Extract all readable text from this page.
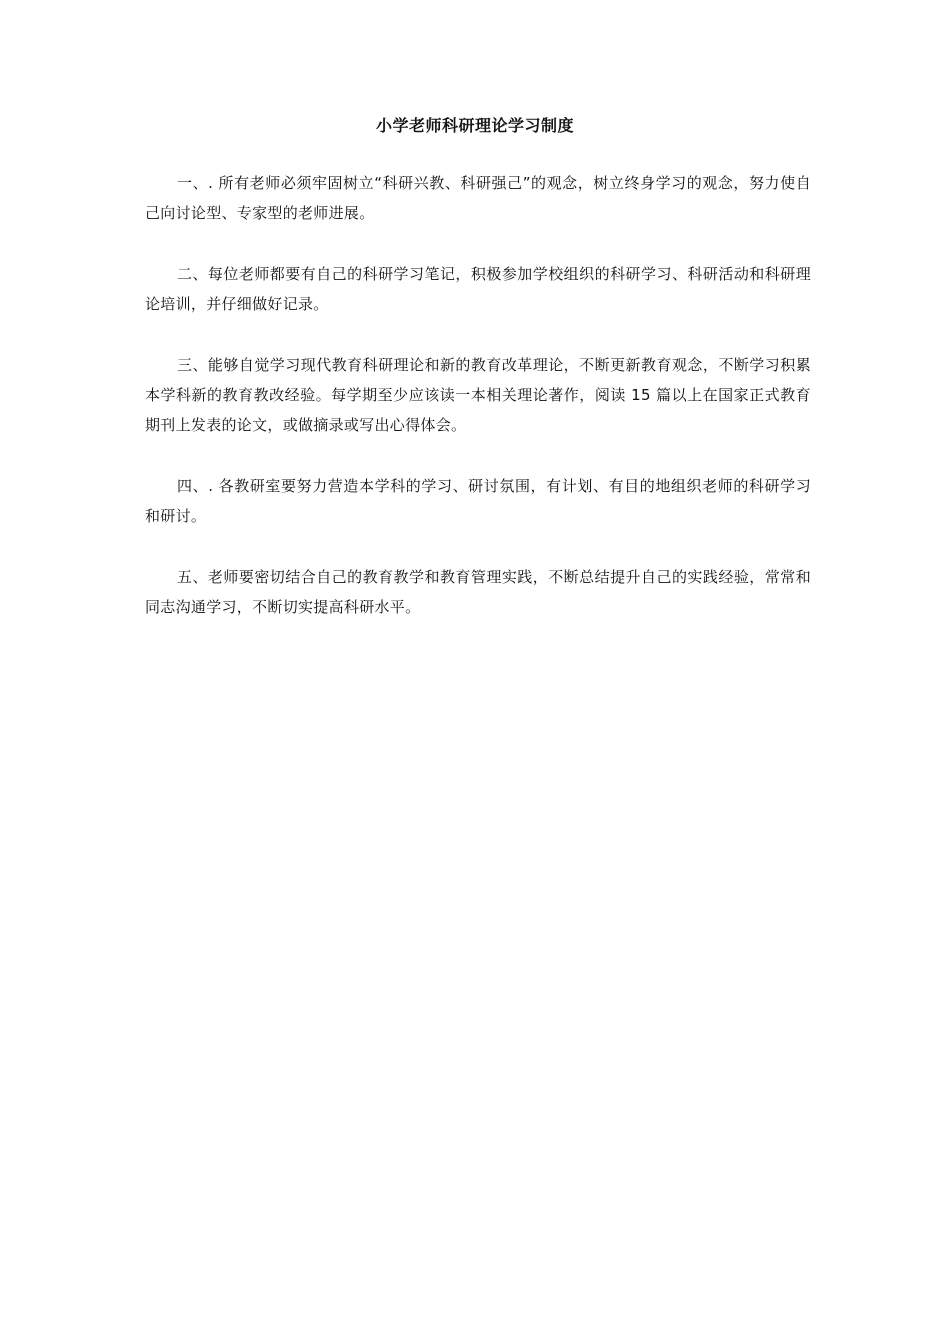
小学老师科研理论学习制度

一、. 所有老师必须牢固树立“科研兴教、科研强己”的观念，树立终身学习的观念，努力使自己向讨论型、专家型的老师进展。

二、每位老师都要有自己的科研学习笔记，积极参加学校组织的科研学习、科研活动和科研理论培训，并仔细做好记录。

三、能够自觉学习现代教育科研理论和新的教育改革理论，不断更新教育观念，不断学习积累本学科新的教育教改经验。每学期至少应该读一本相关理论著作，阅读 15 篇以上在国家正式教育期刊上发表的论文，或做摘录或写出心得体会。

四、. 各教研室要努力营造本学科的学习、研讨氛围，有计划、有目的地组织老师的科研学习和研讨。

五、老师要密切结合自己的教育教学和教育管理实践，不断总结提升自己的实践经验，常常和同志沟通学习，不断切实提高科研水平。
